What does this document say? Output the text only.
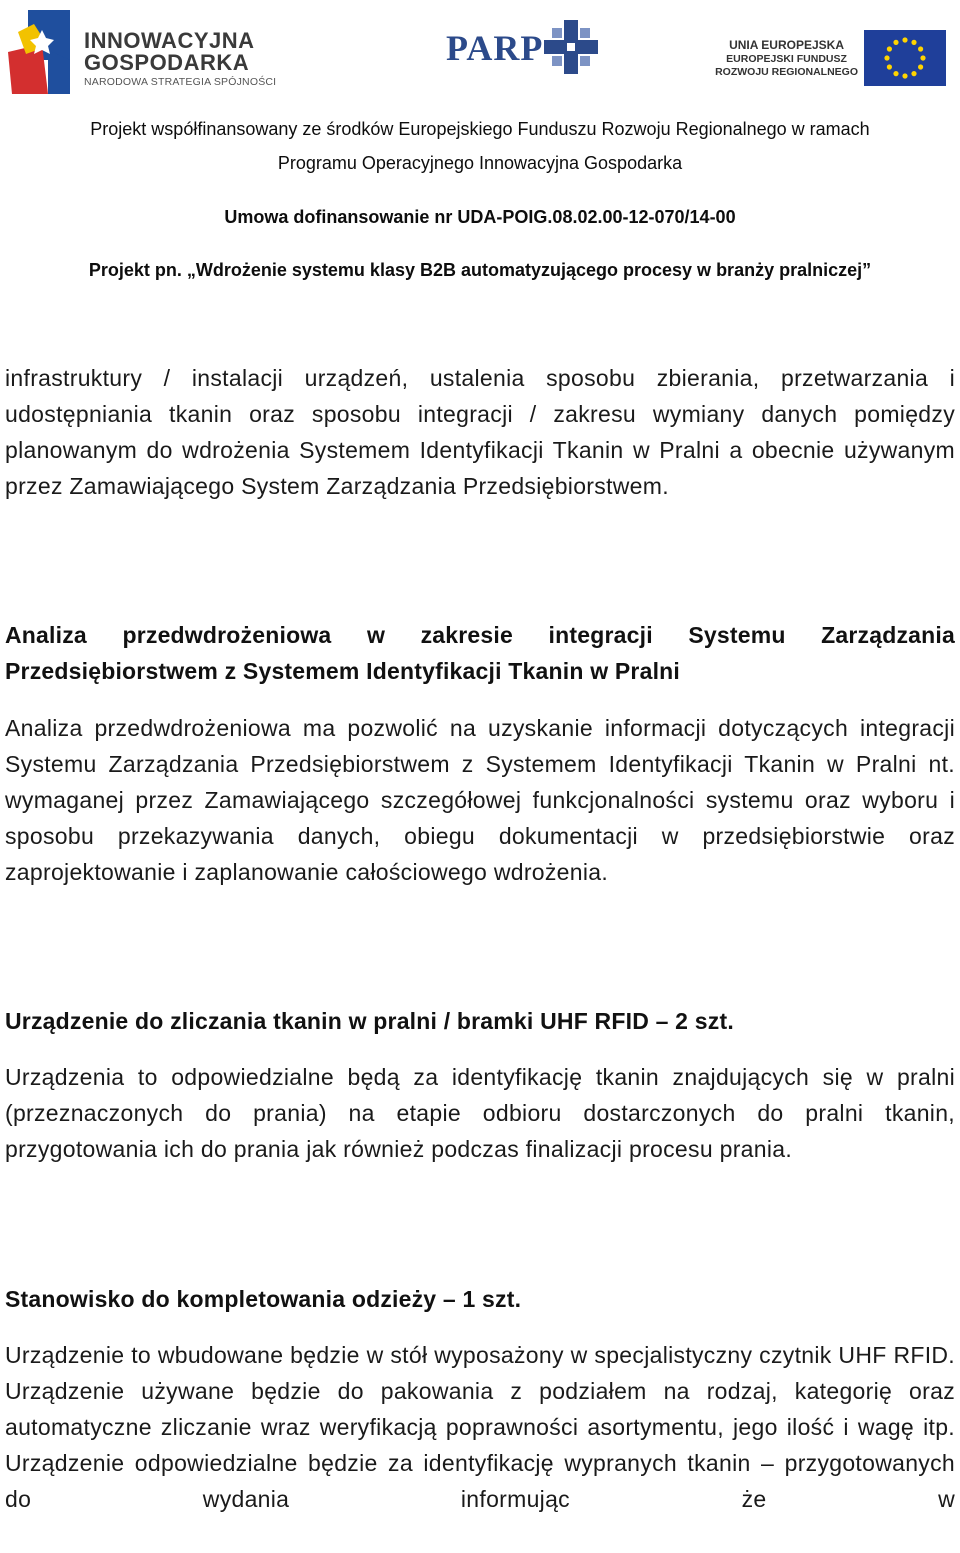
INNOWACYJNA
GOSPODARKA
NARODOWA STRATEGIA SPÓJNOŚCI
PARP	UNIA EUROPEJSKA
EUROPEJSKI FUNDUSZ
ROZWOJU REGIONALNEGO
Projekt współfinansowany ze środków Europejskiego Funduszu Rozwoju Regionalnego w ramach
Programu Operacyjnego Innowacyjna Gospodarka
Umowa dofinansowanie nr UDA-POIG.08.02.00-12-070/14-00
Projekt pn. „Wdrożenie systemu klasy B2B automatyzującego procesy w branży pralniczej”

infrastruktury / instalacji urządzeń, ustalenia sposobu zbierania, przetwarzania i udostępniania tkanin oraz sposobu integracji / zakresu wymiany danych pomiędzy planowanym do wdrożenia Systemem Identyfikacji Tkanin w Pralni a obecnie używanym przez Zamawiającego System Zarządzania Przedsiębiorstwem.

Analiza przedwdrożeniowa w zakresie integracji Systemu Zarządzania Przedsiębiorstwem z Systemem Identyfikacji Tkanin w Pralni

Analiza przedwdrożeniowa ma pozwolić na uzyskanie informacji dotyczących integracji Systemu Zarządzania Przedsiębiorstwem z Systemem Identyfikacji Tkanin w Pralni nt. wymaganej przez Zamawiającego szczegółowej funkcjonalności systemu oraz wyboru i sposobu przekazywania danych, obiegu dokumentacji w przedsiębiorstwie oraz zaprojektowanie i zaplanowanie całościowego wdrożenia.

Urządzenie do zliczania tkanin w pralni / bramki UHF RFID – 2 szt.

Urządzenia to odpowiedzialne będą za identyfikację tkanin znajdujących się w pralni (przeznaczonych do prania) na etapie odbioru dostarczonych do pralni tkanin, przygotowania ich do prania jak również podczas finalizacji procesu prania.

Stanowisko do kompletowania odzieży – 1 szt.

Urządzenie to wbudowane będzie w stół wyposażony w specjalistyczny czytnik UHF RFID. Urządzenie używane będzie do pakowania z podziałem na rodzaj, kategorię oraz automatyczne zliczanie wraz weryfikacją poprawności asortymentu, jego ilość i wagę itp. Urządzenie odpowiedzialne będzie za identyfikację wypranych tkanin – przygotowanych do wydania informując że w
